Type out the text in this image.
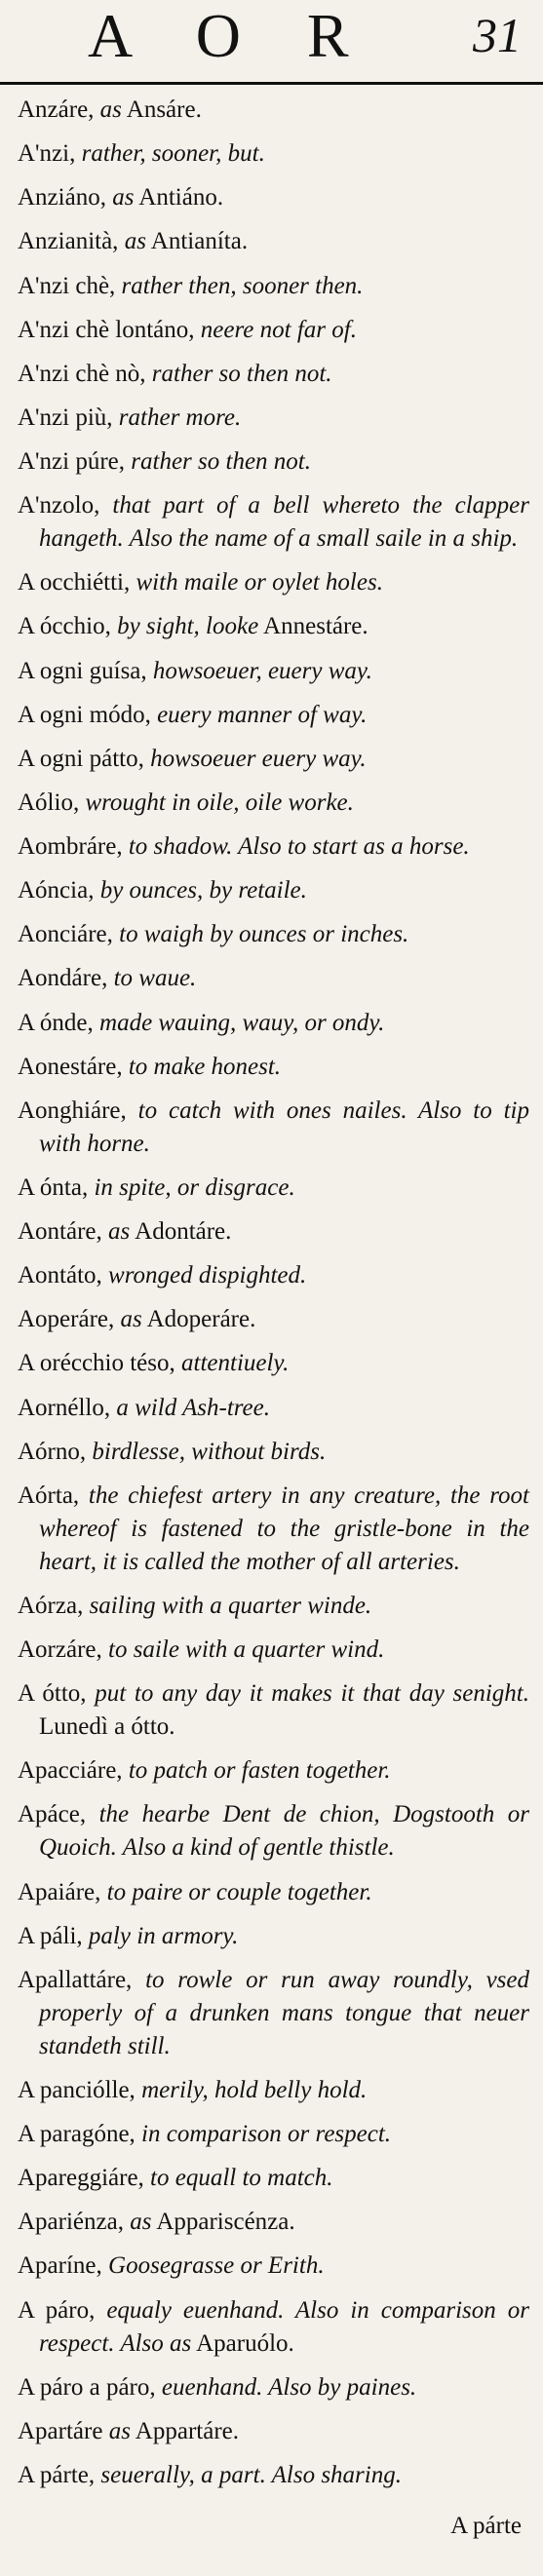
A O R 31
Anzáre, as Ansáre.
A'nzi, rather, sooner, but.
Anziáno, as Antiáno.
Anzianità, as Antianíta.
A'nzi chè, rather then, sooner then.
A'nzi chè lontáno, neere not far of.
A'nzi chè nò, rather so then not.
A'nzi più, rather more.
A'nzi púre, rather so then not.
A'nzolo, that part of a bell whereto the clapper hangeth. Also the name of a small saile in a ship.
A occhiétti, with maile or oylet holes.
A ócchio, by sight, looke Annestáre.
A ogni guísa, howsoeuer, euery way.
A ogni módo, euery manner of way.
A ogni pátto, howsoeuer euery way.
Aólio, wrought in oile, oile worke.
Aombráre, to shadow. Also to start as a horse.
Aóncia, by ounces, by retaile.
Aonciáre, to waigh by ounces or inches.
Aondáre, to waue.
A ónde, made wauing, wauy, or ondy.
Aonestáre, to make honest.
Aonghiáre, to catch with ones nailes. Also to tip with horne.
A ónta, in spite, or disgrace.
Aontáre, as Adontáre.
Aontáto, wronged dispighted.
Aoperáre, as Adoperáre.
A orécchio téso, attentiuely.
Aornéllo, a wild Ash-tree.
Aórno, birdlesse, without birds.
Aórta, the chiefest artery in any creature, the root whereof is fastened to the gristle-bone in the heart, it is called the mother of all arteries.
Aórza, sailing with a quarter winde.
Aorzáre, to saile with a quarter wind.
A ótto, put to any day it makes it that day senight. Lunedì a ótto.
Apacciáre, to patch or fasten together.
Apáce, the hearbe Dent de chion, Dogstooth or Quoich. Also a kind of gentle thistle.
Apaiáre, to paire or couple together.
A páli, paly in armory.
Apallattáre, to rowle or run away roundly, vsed properly of a drunken mans tongue that neuer standeth still.
A panciólle, merily, hold belly hold.
A paragóne, in comparison or respect.
Apareggiáre, to equall to match.
Apariénza, as Appariscénza.
Aparíne, Goosegrasse or Erith.
A páro, equaly euenhand. Also in comparison or respect. Also as Aparuólo.
A páro a páro, euenhand. Also by paines.
Apartáre as Appartáre.
A párte, seuerally, a part. Also sharing.
A párte
